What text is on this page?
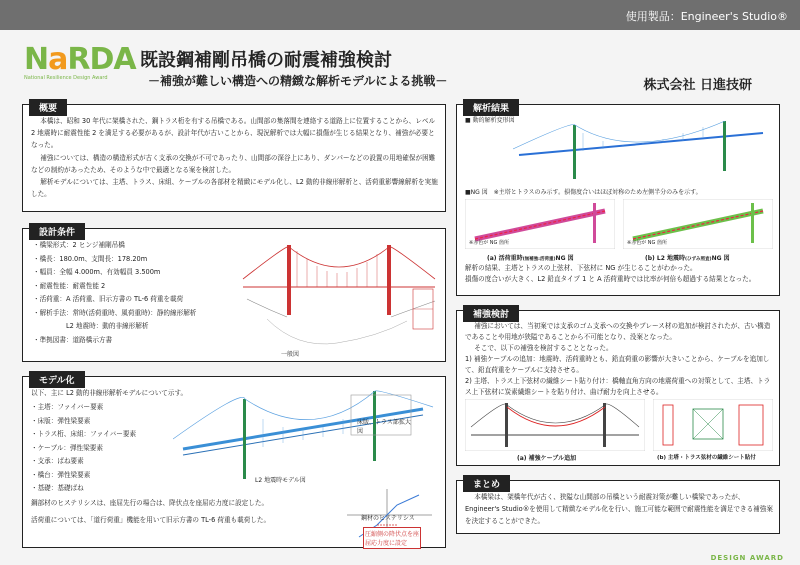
使用製品：Engineer's Studio®
NaRDA
National Resilience Design Award
既設鋼補剛吊橋の耐震補強検討
－補強が難しい構造への精緻な解析モデルによる挑戦－	株式会社 日進技研
概要

本橋は、昭和 30 年代に架橋された、鋼トラス桁を有する吊橋である。山間部の集落間を連絡する道路上に位置することから、レベル 2 地震時に耐震性能 2 を満足する必要があるが、設計年代が古いことから、現況解析では大幅に損傷が生じる結果となり、補強が必要となった。

補強については、構造の構造形式が古く支承の交換が不可であったり、山間部の深谷上にあり、ダンパーなどの設置の用地確保が困難などの制約があったため、そのような中で最適となる案を検討した。

解析モデルについては、主塔、トラス、床組、ケーブルの各部材を精緻にモデル化し、L2 動的非線形解析と、活荷重影響線解析を実施した。

設計条件
・橋梁形式：2 ヒンジ補剛吊橋
・橋長：180.0m、支間長：178.20m
・幅員：全幅 4.000m、有効幅員 3.500m
・耐震性能：耐震性能 2
・活荷重：A 活荷重、旧示方書の TL-6 荷重を載荷
・解析手法：常時(活荷重時、風荷重時)：静的線形解析
　　　　　L2 地震時：動的非線形解析
・準拠図書：道路橋示方書
一般図
モデル化
以下、主に L2 動的非線形解析モデルについて示す。
・主塔：ファイバー要素
・床版：弾性梁要素
・トラス桁、床組：ファイバー要素
・ケーブル：弾性梁要素
・支承：ばね要素
・橋台：弾性梁要素
・基礎：基礎ばね
鋼部材のヒステリシスは、座屈先行の場合は、降伏点を座屈応力度に設定した。
活荷重については、「道行荷重」機能を用いて旧示方書の TL-6 荷重も載荷した。
床版、トラス部拡大図
L2 地震時モデル図
鋼材のヒステリシス
圧縮側の降伏点を座屈応力度に設定
解析結果
■ 動的解析変形図
■NG 図　※主塔とトラスのみ示す。損傷度合いはほぼ対称のため左側半分のみを示す。
※赤色が NG 箇所	※赤色が NG 箇所
(a) 活荷重時(無補強:活荷重)NG 図	(b) L2 地震時(ひずみ照査)NG 図
解析の結果、主塔とトラスの上弦材、下弦材に NG が生じることがわかった。
損傷の度合いが大きく、L2 鉛直タイプ 1 と A 活荷重時では比率が何倍も超過する結果となった。
補強検討

補強においては、当初案では支承のゴム支承への交換やブレース材の追加が検討されたが、古い構造であることや用地が狭隘であることから不可能となり、没案となった。

そこで、以下の補強を検討することとなった。

1) 補強ケーブルの追加：地震時、活荷重時とも、鉛直荷重の影響が大きいことから、ケーブルを追加して、鉛直荷重をケーブルに支持させる。
2) 主塔、トラス上下弦材の繊維シート貼り付け：橋軸直角方向の地震荷重への対策として、主塔、トラス上下弦材に炭素繊維シートを貼り付け、曲げ耐力を向上させる。
(a) 補強ケーブル追加	(b) 主塔・トラス弦材の繊維シート貼付
まとめ
本橋梁は、架橋年代が古く、狭隘な山間部の吊橋という耐震対策が難しい橋梁であったが、Engineer's Studio®を使用して精緻なモデル化を行い、施工可能な範囲で耐震性能を満足できる補強案を決定することができた。
DESIGN AWARD
